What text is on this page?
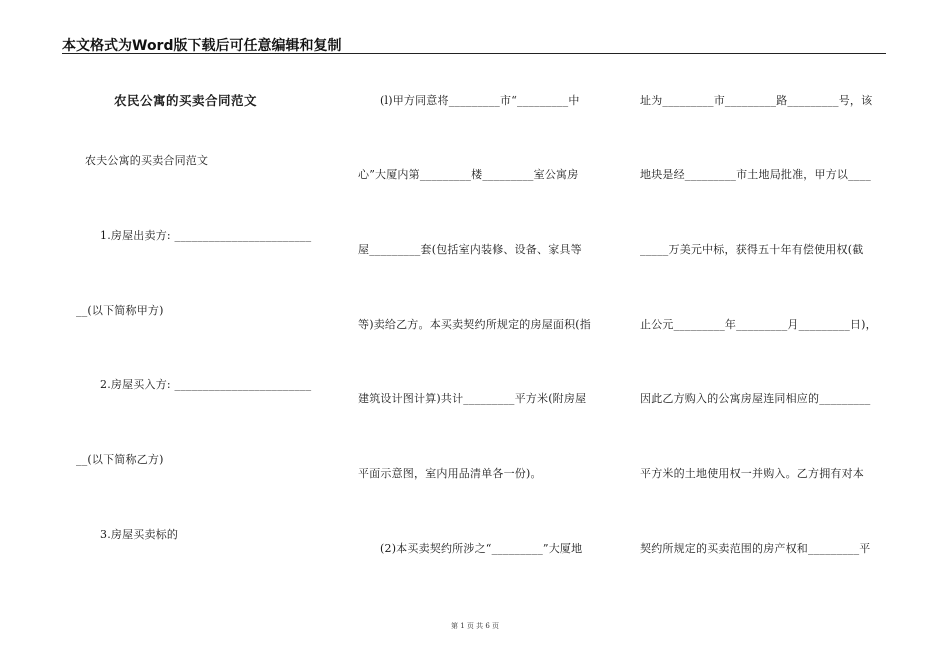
本文格式为Word版下载后可任意编辑和复制
农民公寓的买卖合同范文
农夫公寓的买卖合同范文
1.房屋出卖方: ________________________
__(以下简称甲方)
2.房屋买入方: ________________________
__(以下简称乙方)
3.房屋买卖标的
(l)甲方同意将_________市“_________中
心”大厦内第_________楼_________室公寓房
屋_________套(包括室内装修、设备、家具等
等)卖给乙方。本买卖契约所规定的房屋面积(指
建筑设计图计算)共计_________平方米(附房屋
平面示意图，室内用品清单各一份)。
(2)本买卖契约所涉之“_________”大厦地
址为_________市_________路_________号，该
地块是经_________市土地局批准，甲方以____
_____万美元中标，获得五十年有偿使用权(截
止公元_________年_________月_________日)，
因此乙方购入的公寓房屋连同相应的_________
平方米的土地使用权一并购入。乙方拥有对本
契约所规定的买卖范围的房产权和_________平
第 1 页 共 6 页
